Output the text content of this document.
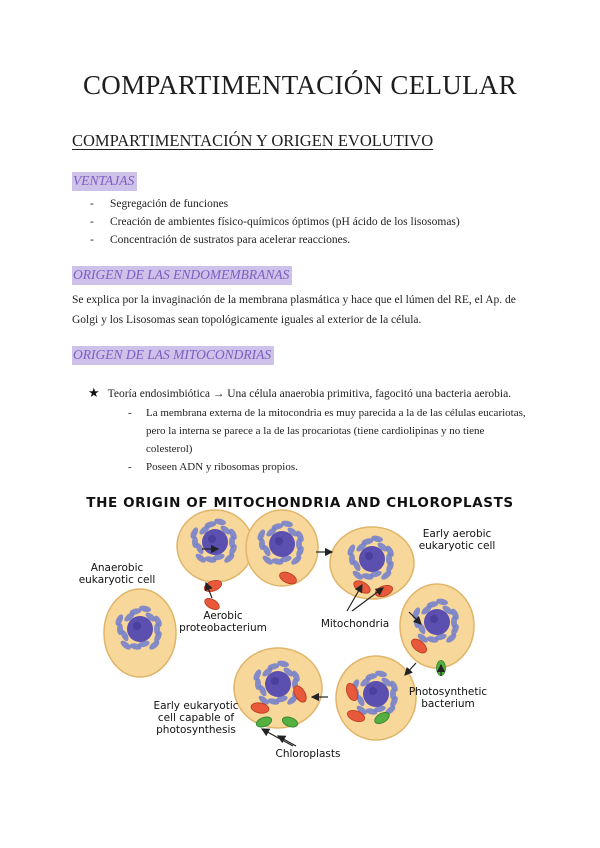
COMPARTIMENTACIÓN CELULAR
COMPARTIMENTACIÓN Y ORIGEN EVOLUTIVO
VENTAJAS
- Segregación de funciones
- Creación de ambientes físico-químicos óptimos (pH ácido de los lisosomas)
- Concentración de sustratos para acelerar reacciones.
ORIGEN DE LAS ENDOMEMBRANAS
Se explica por la invaginación de la membrana plasmática y hace que el lúmen del RE, el Ap. de Golgi y los Lisosomas sean topológicamente iguales al exterior de la célula.
ORIGEN DE LAS MITOCONDRIAS
★ Teoría endosimbiótica → Una célula anaerobia primitiva, fagocitó una bacteria aerobia.
- La membrana externa de la mitocondria es muy parecida a la de las células eucariotas, pero la interna se parece a la de las procariotas (tiene cardiolipinas y no tiene colesterol)
- Poseen ADN y ribosomas propios.
THE ORIGIN OF MITOCHONDRIA AND CHLOROPLASTS
Anaerobic
eukaryotic cell
Aerobic
proteobacterium
Early aerobic
eukaryotic cell
Mitochondria
Photosynthetic
bacterium
Early eukaryotic
cell capable of
photosynthesis
Chloroplasts
